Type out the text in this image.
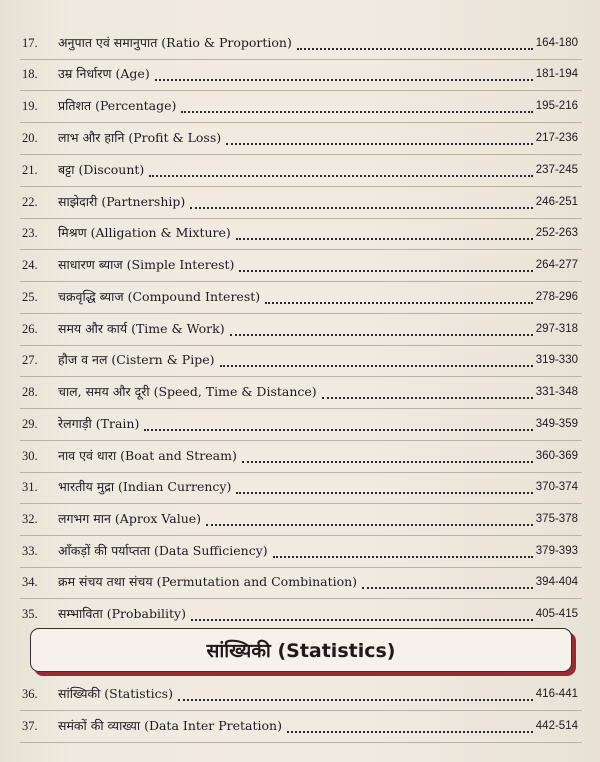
17.	अनुपात एवं समानुपात (Ratio & Proportion)	164-180
18.	उम्र निर्धारण (Age)	181-194
19.	प्रतिशत (Percentage)	195-216
20.	लाभ और हानि (Profit & Loss)	217-236
21.	बट्टा (Discount)	237-245
22.	साझेदारी (Partnership)	246-251
23.	मिश्रण (Alligation & Mixture)	252-263
24.	साधारण ब्याज (Simple Interest)	264-277
25.	चक्रवृद्धि ब्याज (Compound Interest)	278-296
26.	समय और कार्य (Time & Work)	297-318
27.	हौज व नल (Cistern & Pipe)	319-330
28.	चाल, समय और दूरी (Speed, Time & Distance)	331-348
29.	रेलगाड़ी (Train)	349-359
30.	नाव एवं धारा (Boat and Stream)	360-369
31.	भारतीय मुद्रा (Indian Currency)	370-374
32.	लगभग मान (Aprox Value)	375-378
33.	आँकड़ों की पर्याप्तता (Data Sufficiency)	379-393
34.	क्रम संचय तथा संचय (Permutation and Combination)	394-404
35.	सम्भाविता (Probability)	405-415
सांख्यिकी (Statistics)
36.	सांख्यिकी (Statistics)	416-441
37.	समंकों की व्याख्या (Data Inter Pretation)	442-514
